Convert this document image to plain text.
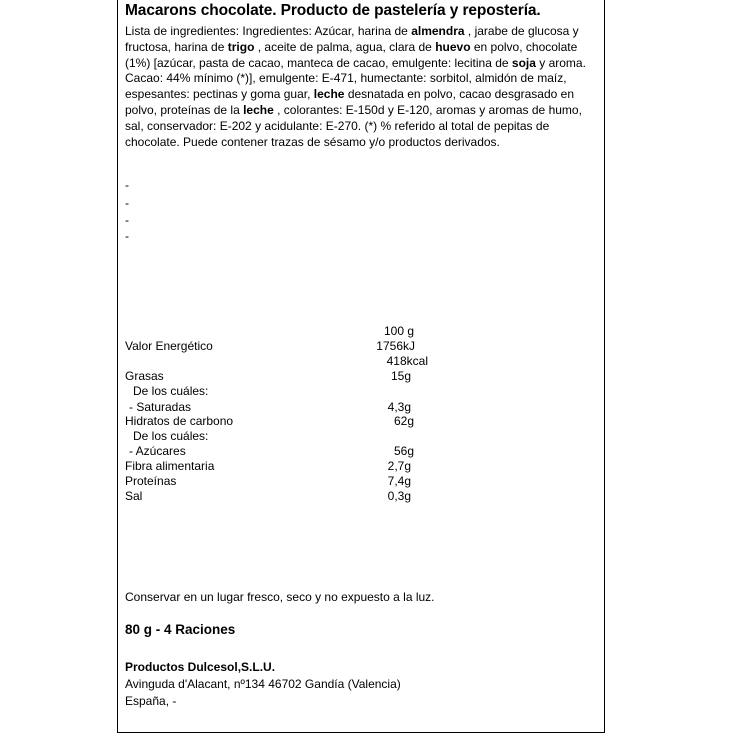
Macarons chocolate. Producto de pastelería y repostería.
Lista de ingredientes: Ingredientes: Azúcar, harina de almendra , jarabe de glucosa y fructosa, harina de trigo , aceite de palma, agua, clara de huevo en polvo, chocolate (1%) [azúcar, pasta de cacao, manteca de cacao, emulgente: lecitina de soja y aroma. Cacao: 44% mínimo (*)], emulgente: E-471, humectante: sorbitol, almidón de maíz, espesantes: pectinas y goma guar, leche desnatada en polvo, cacao desgrasado en polvo, proteínas de la leche , colorantes: E-150d y E-120, aromas y aromas de humo, sal, conservador: E-202 y acidulante: E-270. (*) % referido al total de pepitas de chocolate. Puede contener trazas de sésamo y/o productos derivados.
-
-
-
-
100 g
Valor Energético	1756kJ
418kcal
Grasas	15g
De los cuáles:
- Saturadas	4,3g
Hidratos de carbono	62g
De los cuáles:
- Azúcares	56g
Fibra alimentaria	2,7g
Proteínas	7,4g
Sal	0,3g
Conservar en un lugar fresco, seco y no expuesto a la luz.
80 g - 4 Raciones
Productos Dulcesol,S.L.U.
Avinguda d'Alacant, nº134 46702 Gandía (Valencia)
España, -
